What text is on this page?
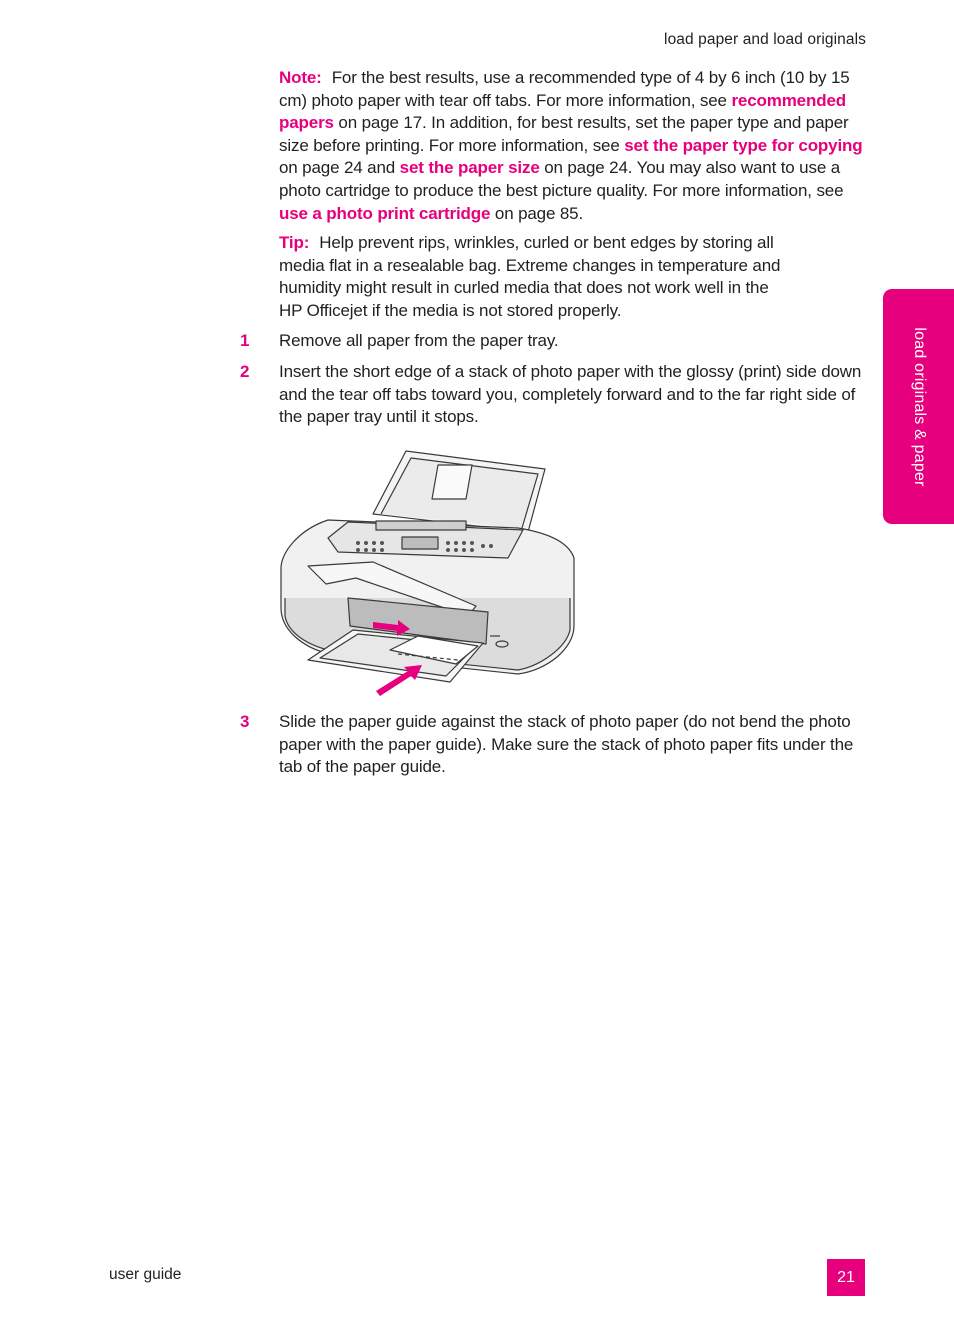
load paper and load originals
load originals & paper

Note: For the best results, use a recommended type of 4 by 6 inch (10 by 15 cm) photo paper with tear off tabs. For more information, see recommended papers on page 17. In addition, for best results, set the paper type and paper size before printing. For more information, see set the paper type for copying on page 24 and set the paper size on page 24. You may also want to use a photo cartridge to produce the best picture quality. For more information, see use a photo print cartridge on page 85.

Tip: Help prevent rips, wrinkles, curled or bent edges by storing all media flat in a resealable bag. Extreme changes in temperature and humidity might result in curled media that does not work well in the HP Officejet if the media is not stored properly.

1 Remove all paper from the paper tray.
2 Insert the short edge of a stack of photo paper with the glossy (print) side down and the tear off tabs toward you, completely forward and to the far right side of the paper tray until it stops.
3 Slide the paper guide against the stack of photo paper (do not bend the photo paper with the paper guide). Make sure the stack of photo paper fits under the tab of the paper guide.
user guide	21
